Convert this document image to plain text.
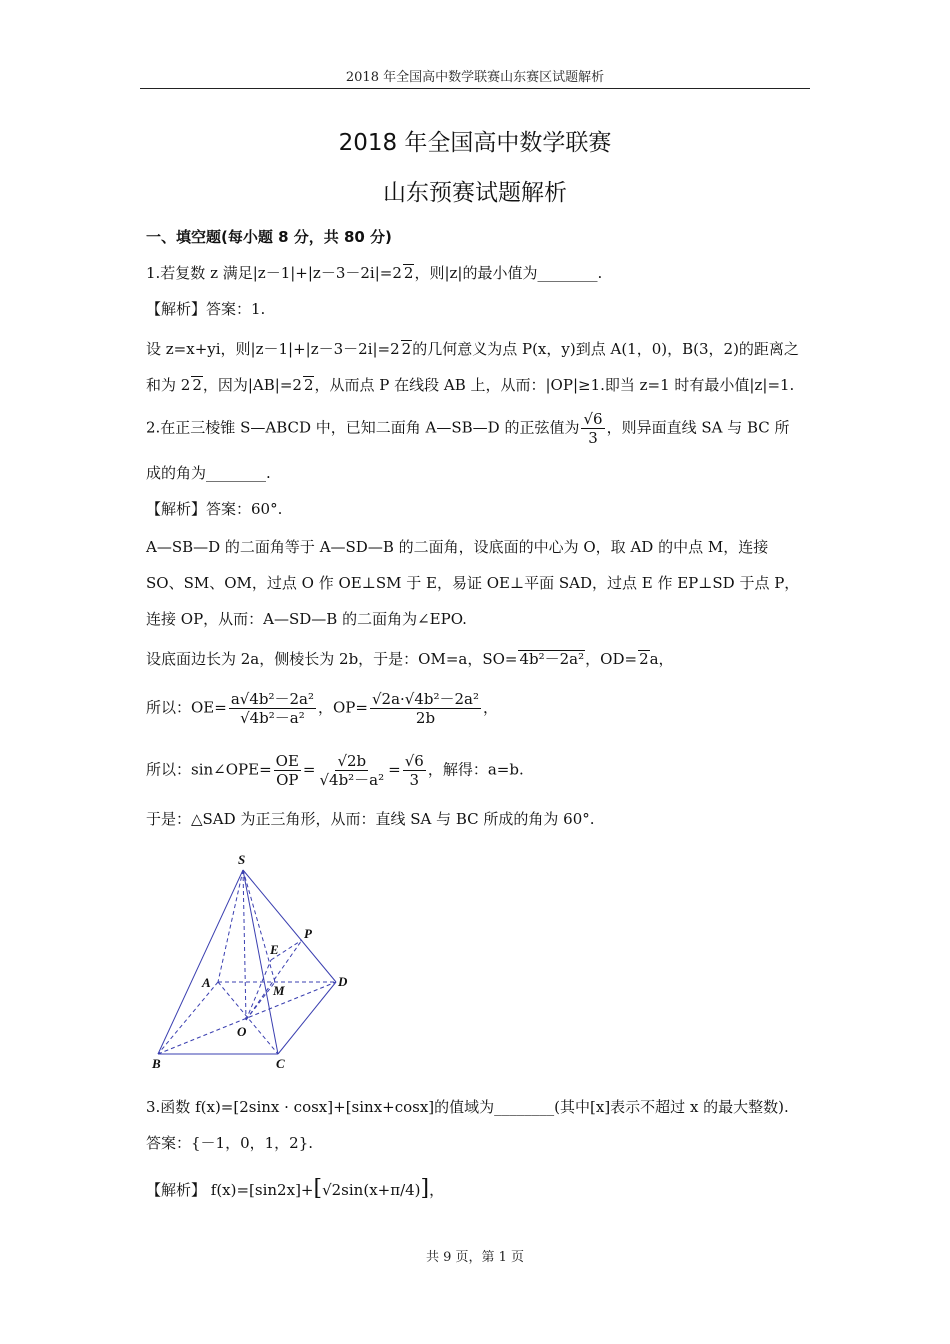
2018 年全国高中数学联赛山东赛区试题解析
2018 年全国高中数学联赛
山东预赛试题解析
一、填空题(每小题 8 分，共 80 分)
1.若复数 z 满足|z－1|+|z－3－2i|=2 2，则|z|的最小值为________.
【解析】答案：1.
设 z=x+yi，则|z－1|+|z－3－2i|=2 2的几何意义为点 P(x，y)到点 A(1，0)，B(3，2)的距离之
和为 2 2，因为|AB|=2 2，从而点 P 在线段 AB 上，从而：|OP|≥1.即当 z=1 时有最小值|z|=1.
2.在正三棱锥 S—ABCD 中，已知二面角 A—SB—D 的正弦值为 $\frac{√6}{3}$ ，则异面直线 SA 与 BC 所
成的角为________.
【解析】答案：60°.
A—SB—D 的二面角等于 A—SD—B 的二面角，设底面的中心为 O，取 AD 的中点 M，连接
SO、SM、OM，过点 O 作 OE⊥SM 于 E，易证 OE⊥平面 SAD，过点 E 作 EP⊥SD 于点 P，
连接 OP，从而：A—SD—B 的二面角为∠EPO.
设底面边长为 2a，侧棱长为 2b，于是：OM=a，SO= 4b²－2a²，OD= 2a，
所以：$OE= \frac{\text{a√4b²－2a²}}{\text{√4b²－a²}}$ ，$OP= \frac{\text{√2a·√4b²－2a²}}{2b}$ ，
所以：sin∠OPE= $\frac{OE}{OP} = \frac{√2b}{\text{√4b²－a²}} = \frac{√6}{3}$ ，解得：a=b.
于是：△SAD 为正三角形，从而：直线 SA 与 BC 所成的角为 60°.
S
P
E
A
M
D
O
B	C
3.函数 f(x)=[2sinx · cosx]+[sinx+cosx]的值域为________(其中[x]表示不超过 x 的最大整数).
答案：{－1，0，1，2}.
【解析】 f(x)=[sin2x]+[√2sin(x+π/4)]，
共 9 页，第 1 页
